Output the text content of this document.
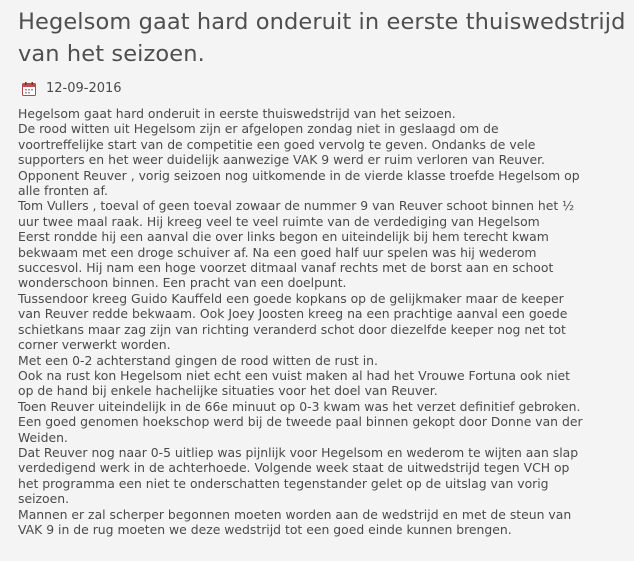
Hegelsom gaat hard onderuit in eerste thuiswedstrijd
van het seizoen.
12-09-2016
Hegelsom gaat hard onderuit in eerste thuiswedstrijd van het seizoen.
De rood witten uit Hegelsom zijn er afgelopen zondag niet in geslaagd om de
voortreffelijke start van de competitie een goed vervolg te geven. Ondanks de vele
supporters en het weer duidelijk aanwezige VAK 9 werd er ruim verloren van Reuver.
Opponent Reuver , vorig seizoen nog uitkomende in de vierde klasse troefde Hegelsom op
alle fronten af.
Tom Vullers , toeval of geen toeval zowaar de nummer 9 van Reuver schoot binnen het ½
uur twee maal raak. Hij kreeg veel te veel ruimte van de verdediging van Hegelsom
Eerst rondde hij een aanval die over links begon en uiteindelijk bij hem terecht kwam
bekwaam met een droge schuiver af. Na een goed half uur spelen was hij wederom
succesvol. Hij nam een hoge voorzet ditmaal vanaf rechts met de borst aan en schoot
wonderschoon binnen. Een pracht van een doelpunt.
Tussendoor kreeg Guido Kauffeld een goede kopkans op de gelijkmaker maar de keeper
van Reuver redde bekwaam. Ook Joey Joosten kreeg na een prachtige aanval een goede
schietkans maar zag zijn van richting veranderd schot door diezelfde keeper nog net tot
corner verwerkt worden.
Met een 0-2 achterstand gingen de rood witten de rust in.
Ook na rust kon Hegelsom niet echt een vuist maken al had het Vrouwe Fortuna ook niet
op de hand bij enkele hachelijke situaties voor het doel van Reuver.
Toen Reuver uiteindelijk in de 66e minuut op 0-3 kwam was het verzet definitief gebroken.
Een goed genomen hoekschop werd bij de tweede paal binnen gekopt door Donne van der
Weiden.
Dat Reuver nog naar 0-5 uitliep was pijnlijk voor Hegelsom en wederom te wijten aan slap
verdedigend werk in de achterhoede. Volgende week staat de uitwedstrijd tegen VCH op
het programma een niet te onderschatten tegenstander gelet op de uitslag van vorig
seizoen.
Mannen er zal scherper begonnen moeten worden aan de wedstrijd en met de steun van
VAK 9 in de rug moeten we deze wedstrijd tot een goed einde kunnen brengen.
